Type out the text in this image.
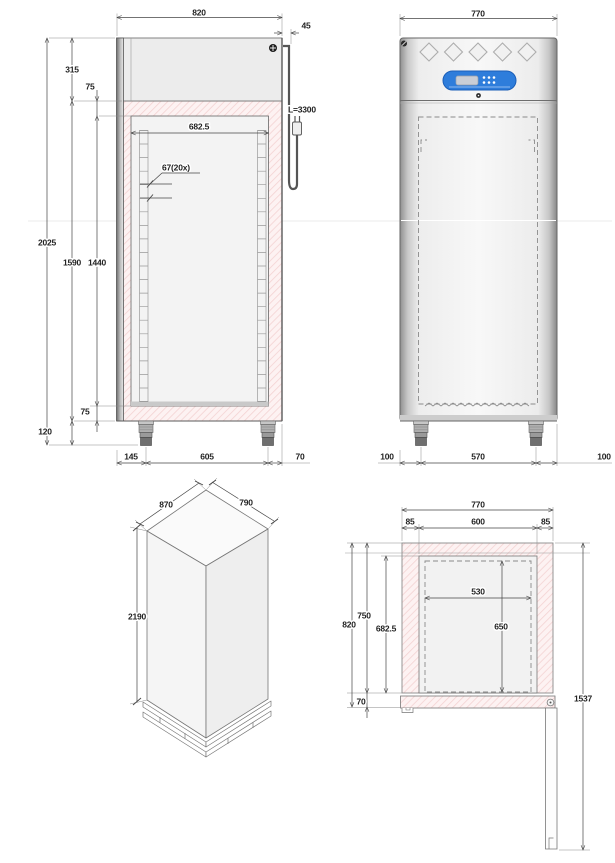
820
45
L=3300
2025
315
1590
120
75
1440
75
682.5
67(20x)
145	605	70
770
100	570	100
2190
870	790	770
85	600	85
530
650
820
750
682.5
70	1537
